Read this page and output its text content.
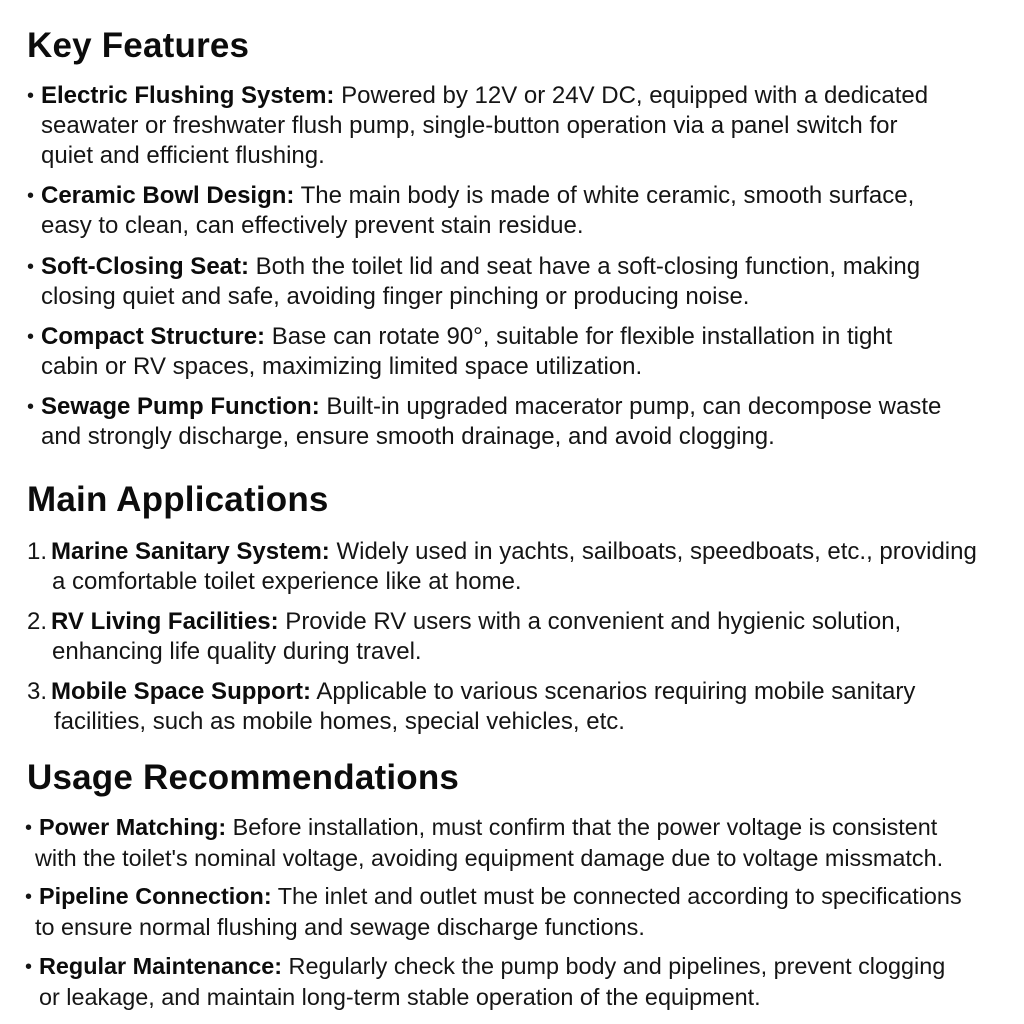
Key Features
• Electric Flushing System: Powered by 12V or 24V DC, equipped with a dedicated
seawater or freshwater flush pump, single-button operation via a panel switch for
quiet and efficient flushing.
• Ceramic Bowl Design: The main body is made of white ceramic, smooth surface,
easy to clean, can effectively prevent stain residue.
• Soft-Closing Seat: Both the toilet lid and seat have a soft-closing function, making
closing quiet and safe, avoiding finger pinching or producing noise.
• Compact Structure: Base can rotate 90°, suitable for flexible installation in tight
cabin or RV spaces, maximizing limited space utilization.
• Sewage Pump Function: Built-in upgraded macerator pump, can decompose waste
and strongly discharge, ensure smooth drainage, and avoid clogging.
Main Applications
1. Marine Sanitary System: Widely used in yachts, sailboats, speedboats, etc., providing
a comfortable toilet experience like at home.
2. RV Living Facilities: Provide RV users with a convenient and hygienic solution,
enhancing life quality during travel.
3. Mobile Space Support: Applicable to various scenarios requiring mobile sanitary
facilities, such as mobile homes, special vehicles, etc.
Usage Recommendations
• Power Matching: Before installation, must confirm that the power voltage is consistent
with the toilet's nominal voltage, avoiding equipment damage due to voltage missmatch.
• Pipeline Connection: The inlet and outlet must be connected according to specifications
to ensure normal flushing and sewage discharge functions.
• Regular Maintenance: Regularly check the pump body and pipelines, prevent clogging
or leakage, and maintain long-term stable operation of the equipment.
